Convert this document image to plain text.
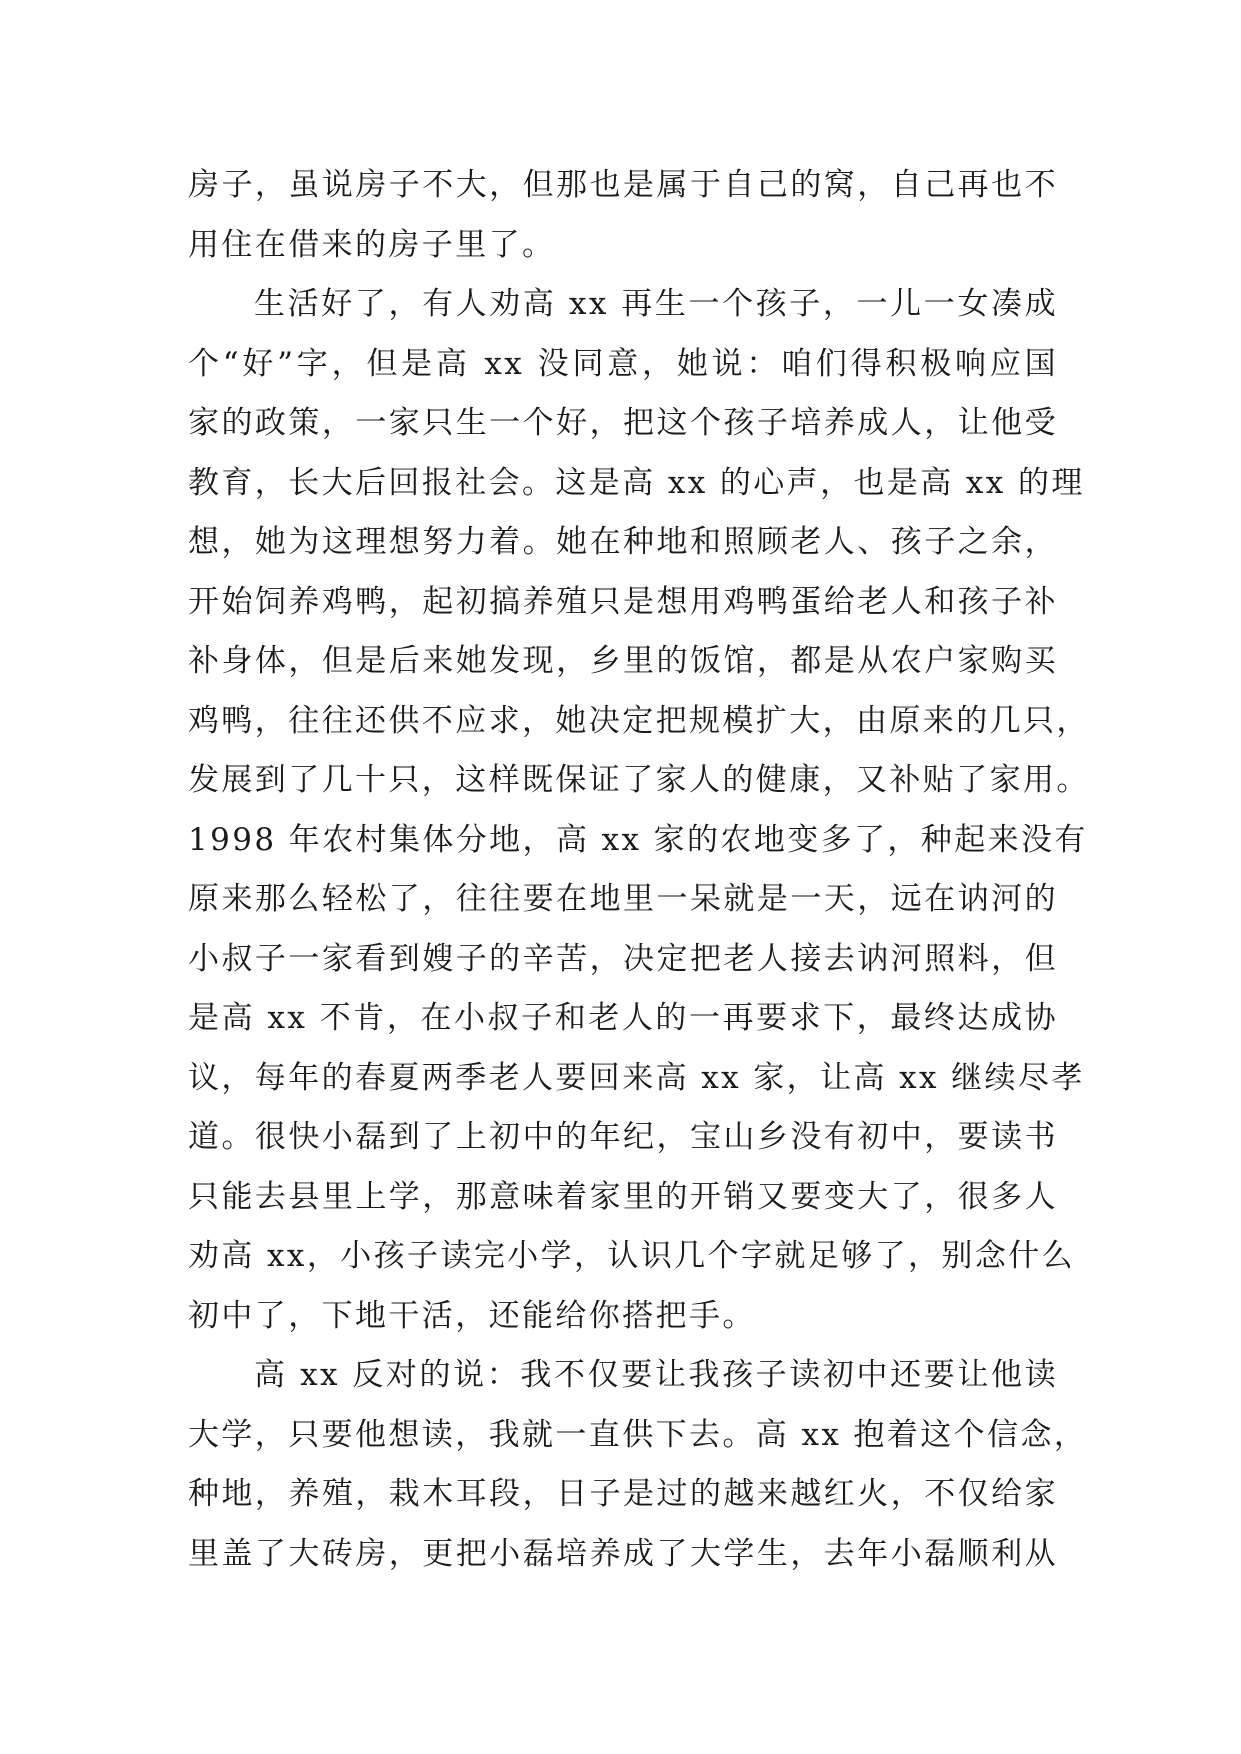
房子，虽说房子不大，但那也是属于自己的窝，自己再也不
用住在借来的房子里了。
生活好了，有人劝高 xx 再生一个孩子，一儿一女凑成
个“好”字，但是高 xx 没同意，她说：咱们得积极响应国
家的政策，一家只生一个好，把这个孩子培养成人，让他受
教育，长大后回报社会。这是高 xx 的心声，也是高 xx 的理
想，她为这理想努力着。她在种地和照顾老人、孩子之余，
开始饲养鸡鸭，起初搞养殖只是想用鸡鸭蛋给老人和孩子补
补身体，但是后来她发现，乡里的饭馆，都是从农户家购买
鸡鸭，往往还供不应求，她决定把规模扩大，由原来的几只，
发展到了几十只，这样既保证了家人的健康，又补贴了家用。
1998 年农村集体分地，高 xx 家的农地变多了，种起来没有
原来那么轻松了，往往要在地里一呆就是一天，远在讷河的
小叔子一家看到嫂子的辛苦，决定把老人接去讷河照料，但
是高 xx 不肯，在小叔子和老人的一再要求下，最终达成协
议，每年的春夏两季老人要回来高 xx 家，让高 xx 继续尽孝
道。很快小磊到了上初中的年纪，宝山乡没有初中，要读书
只能去县里上学，那意味着家里的开销又要变大了，很多人
劝高 xx，小孩子读完小学，认识几个字就足够了，别念什么
初中了，下地干活，还能给你搭把手。
高 xx 反对的说：我不仅要让我孩子读初中还要让他读
大学，只要他想读，我就一直供下去。高 xx 抱着这个信念，
种地，养殖，栽木耳段，日子是过的越来越红火，不仅给家
里盖了大砖房，更把小磊培养成了大学生，去年小磊顺利从
